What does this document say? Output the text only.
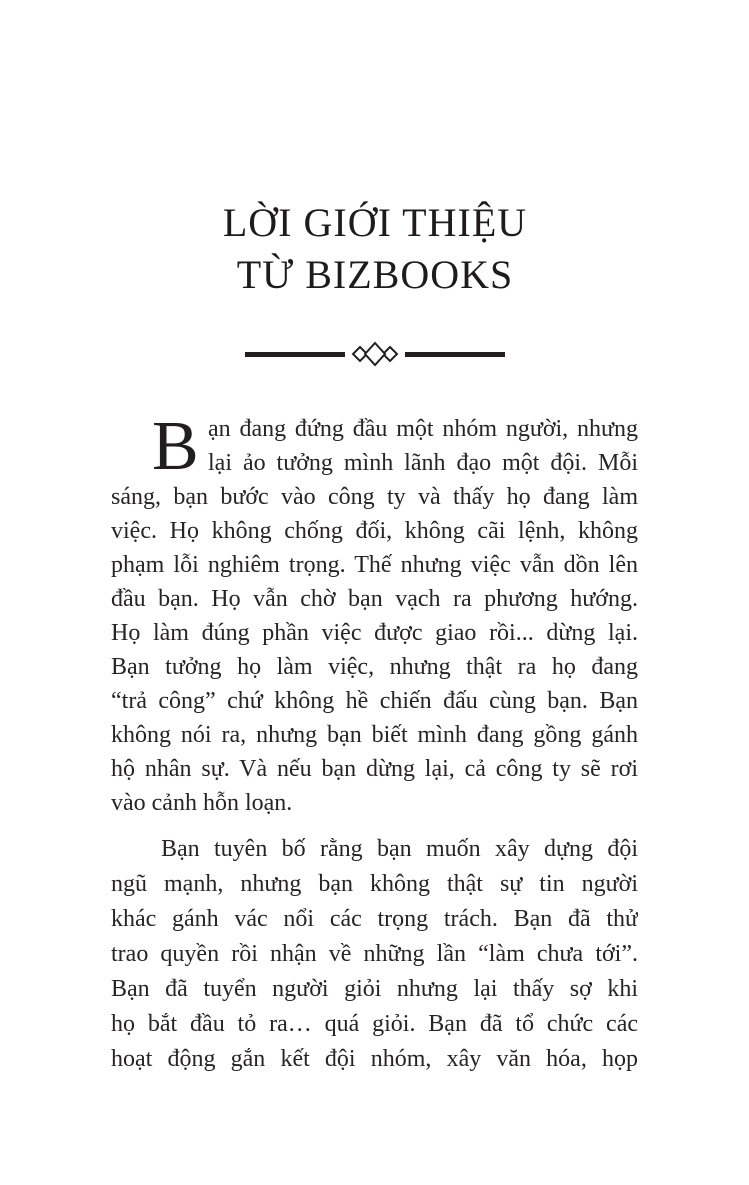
LỜI GIỚI THIỆU
TỪ BIZBOOKS
B ạn đang đứng đầu một nhóm người, nhưng
lại ảo tưởng mình lãnh đạo một đội. Mỗi
sáng, bạn bước vào công ty và thấy họ đang làm
việc. Họ không chống đối, không cãi lệnh, không
phạm lỗi nghiêm trọng. Thế nhưng việc vẫn dồn lên
đầu bạn. Họ vẫn chờ bạn vạch ra phương hướng.
Họ làm đúng phần việc được giao rồi... dừng lại.
Bạn tưởng họ làm việc, nhưng thật ra họ đang
“trả công” chứ không hề chiến đấu cùng bạn. Bạn
không nói ra, nhưng bạn biết mình đang gồng gánh
hộ nhân sự. Và nếu bạn dừng lại, cả công ty sẽ rơi
vào cảnh hỗn loạn.
Bạn tuyên bố rằng bạn muốn xây dựng đội
ngũ mạnh, nhưng bạn không thật sự tin người
khác gánh vác nổi các trọng trách. Bạn đã thử
trao quyền rồi nhận về những lần “làm chưa tới”.
Bạn đã tuyển người giỏi nhưng lại thấy sợ khi
họ bắt đầu tỏ ra… quá giỏi. Bạn đã tổ chức các
hoạt động gắn kết đội nhóm, xây văn hóa, họp
